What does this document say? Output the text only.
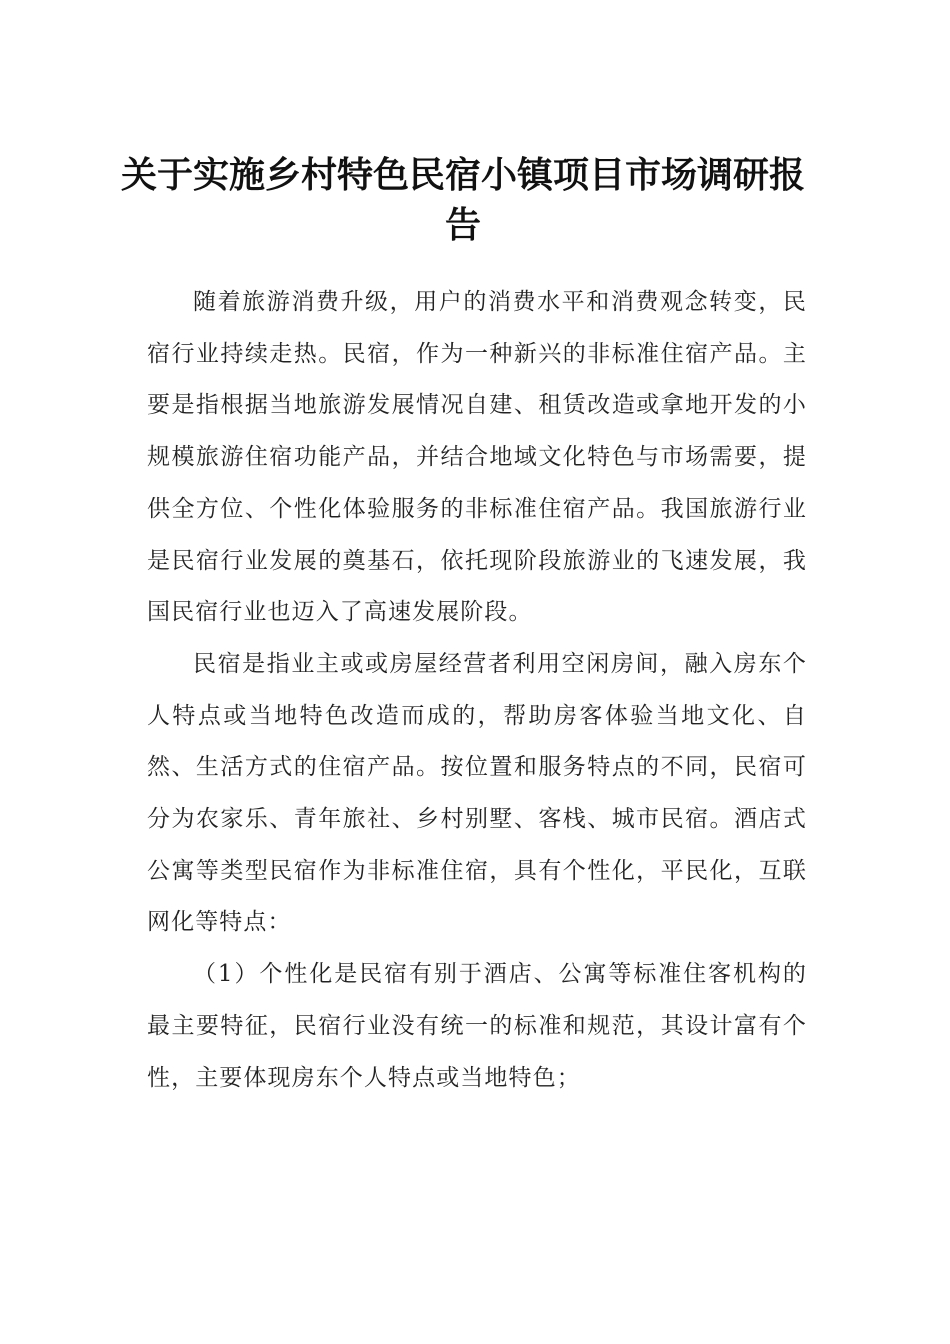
关于实施乡村特色民宿小镇项目市场调研报告

随着旅游消费升级，用户的消费水平和消费观念转变，民宿行业持续走热。民宿，作为一种新兴的非标准住宿产品。主要是指根据当地旅游发展情况自建、租赁改造或拿地开发的小规模旅游住宿功能产品，并结合地域文化特色与市场需要，提供全方位、个性化体验服务的非标准住宿产品。我国旅游行业是民宿行业发展的奠基石，依托现阶段旅游业的飞速发展，我国民宿行业也迈入了高速发展阶段。

民宿是指业主或或房屋经营者利用空闲房间，融入房东个人特点或当地特色改造而成的，帮助房客体验当地文化、自然、生活方式的住宿产品。按位置和服务特点的不同，民宿可分为农家乐、青年旅社、乡村别墅、客栈、城市民宿。酒店式公寓等类型民宿作为非标准住宿，具有个性化，平民化，互联网化等特点：

（1）个性化是民宿有别于酒店、公寓等标准住客机构的最主要特征，民宿行业没有统一的标准和规范，其设计富有个性，主要体现房东个人特点或当地特色；
